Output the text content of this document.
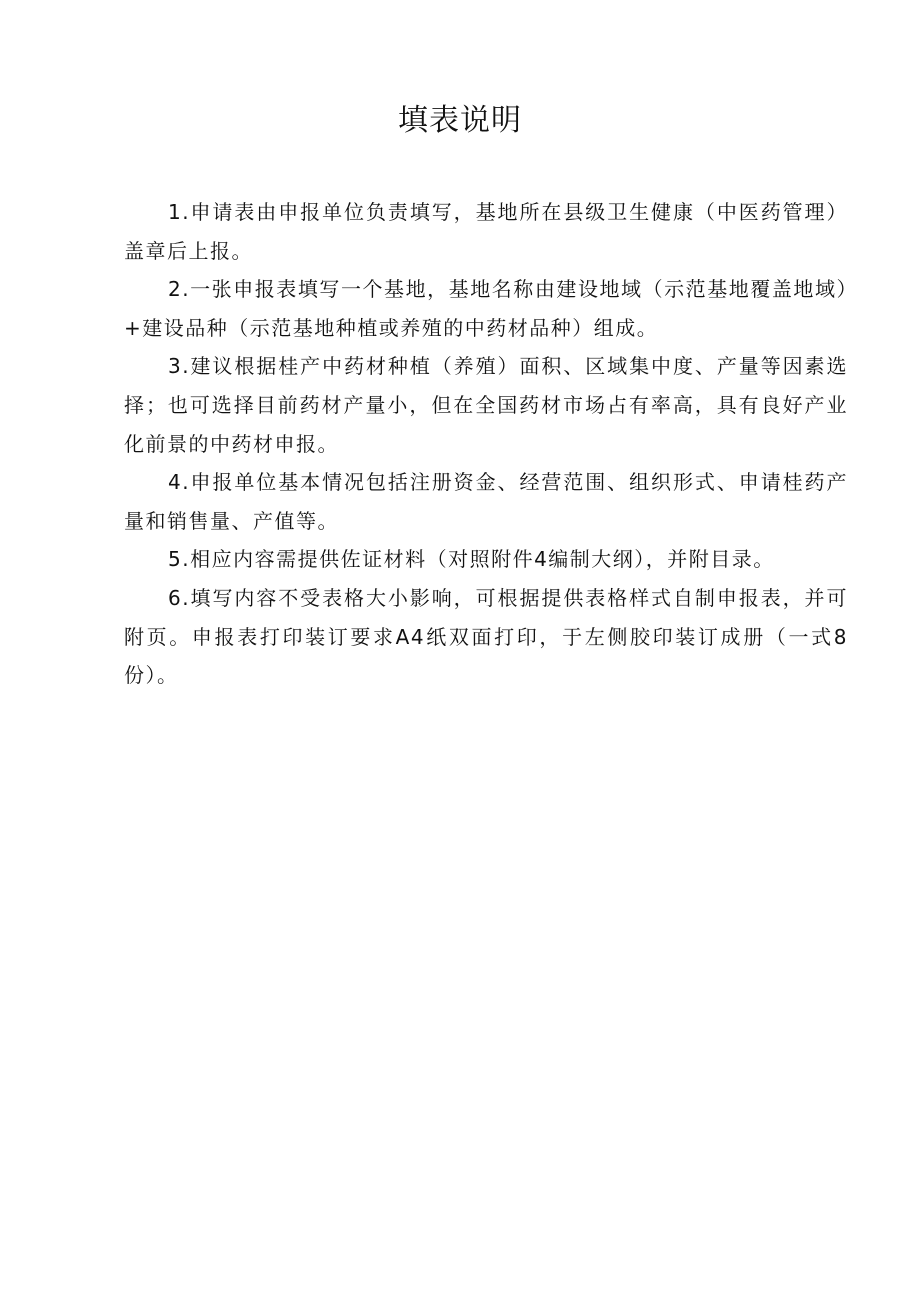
填表说明

1.申请表由申报单位负责填写，基地所在县级卫生健康（中医药管理）盖章后上报。

2.一张申报表填写一个基地，基地名称由建设地域（示范基地覆盖地域）+建设品种（示范基地种植或养殖的中药材品种）组成。

3.建议根据桂产中药材种植（养殖）面积、区域集中度、产量等因素选择；也可选择目前药材产量小，但在全国药材市场占有率高，具有良好产业化前景的中药材申报。

4.申报单位基本情况包括注册资金、经营范围、组织形式、申请桂药产量和销售量、产值等。

5.相应内容需提供佐证材料（对照附件4编制大纲），并附目录。

6.填写内容不受表格大小影响，可根据提供表格样式自制申报表，并可附页。申报表打印装订要求A4纸双面打印，于左侧胶印装订成册（一式8份）。
